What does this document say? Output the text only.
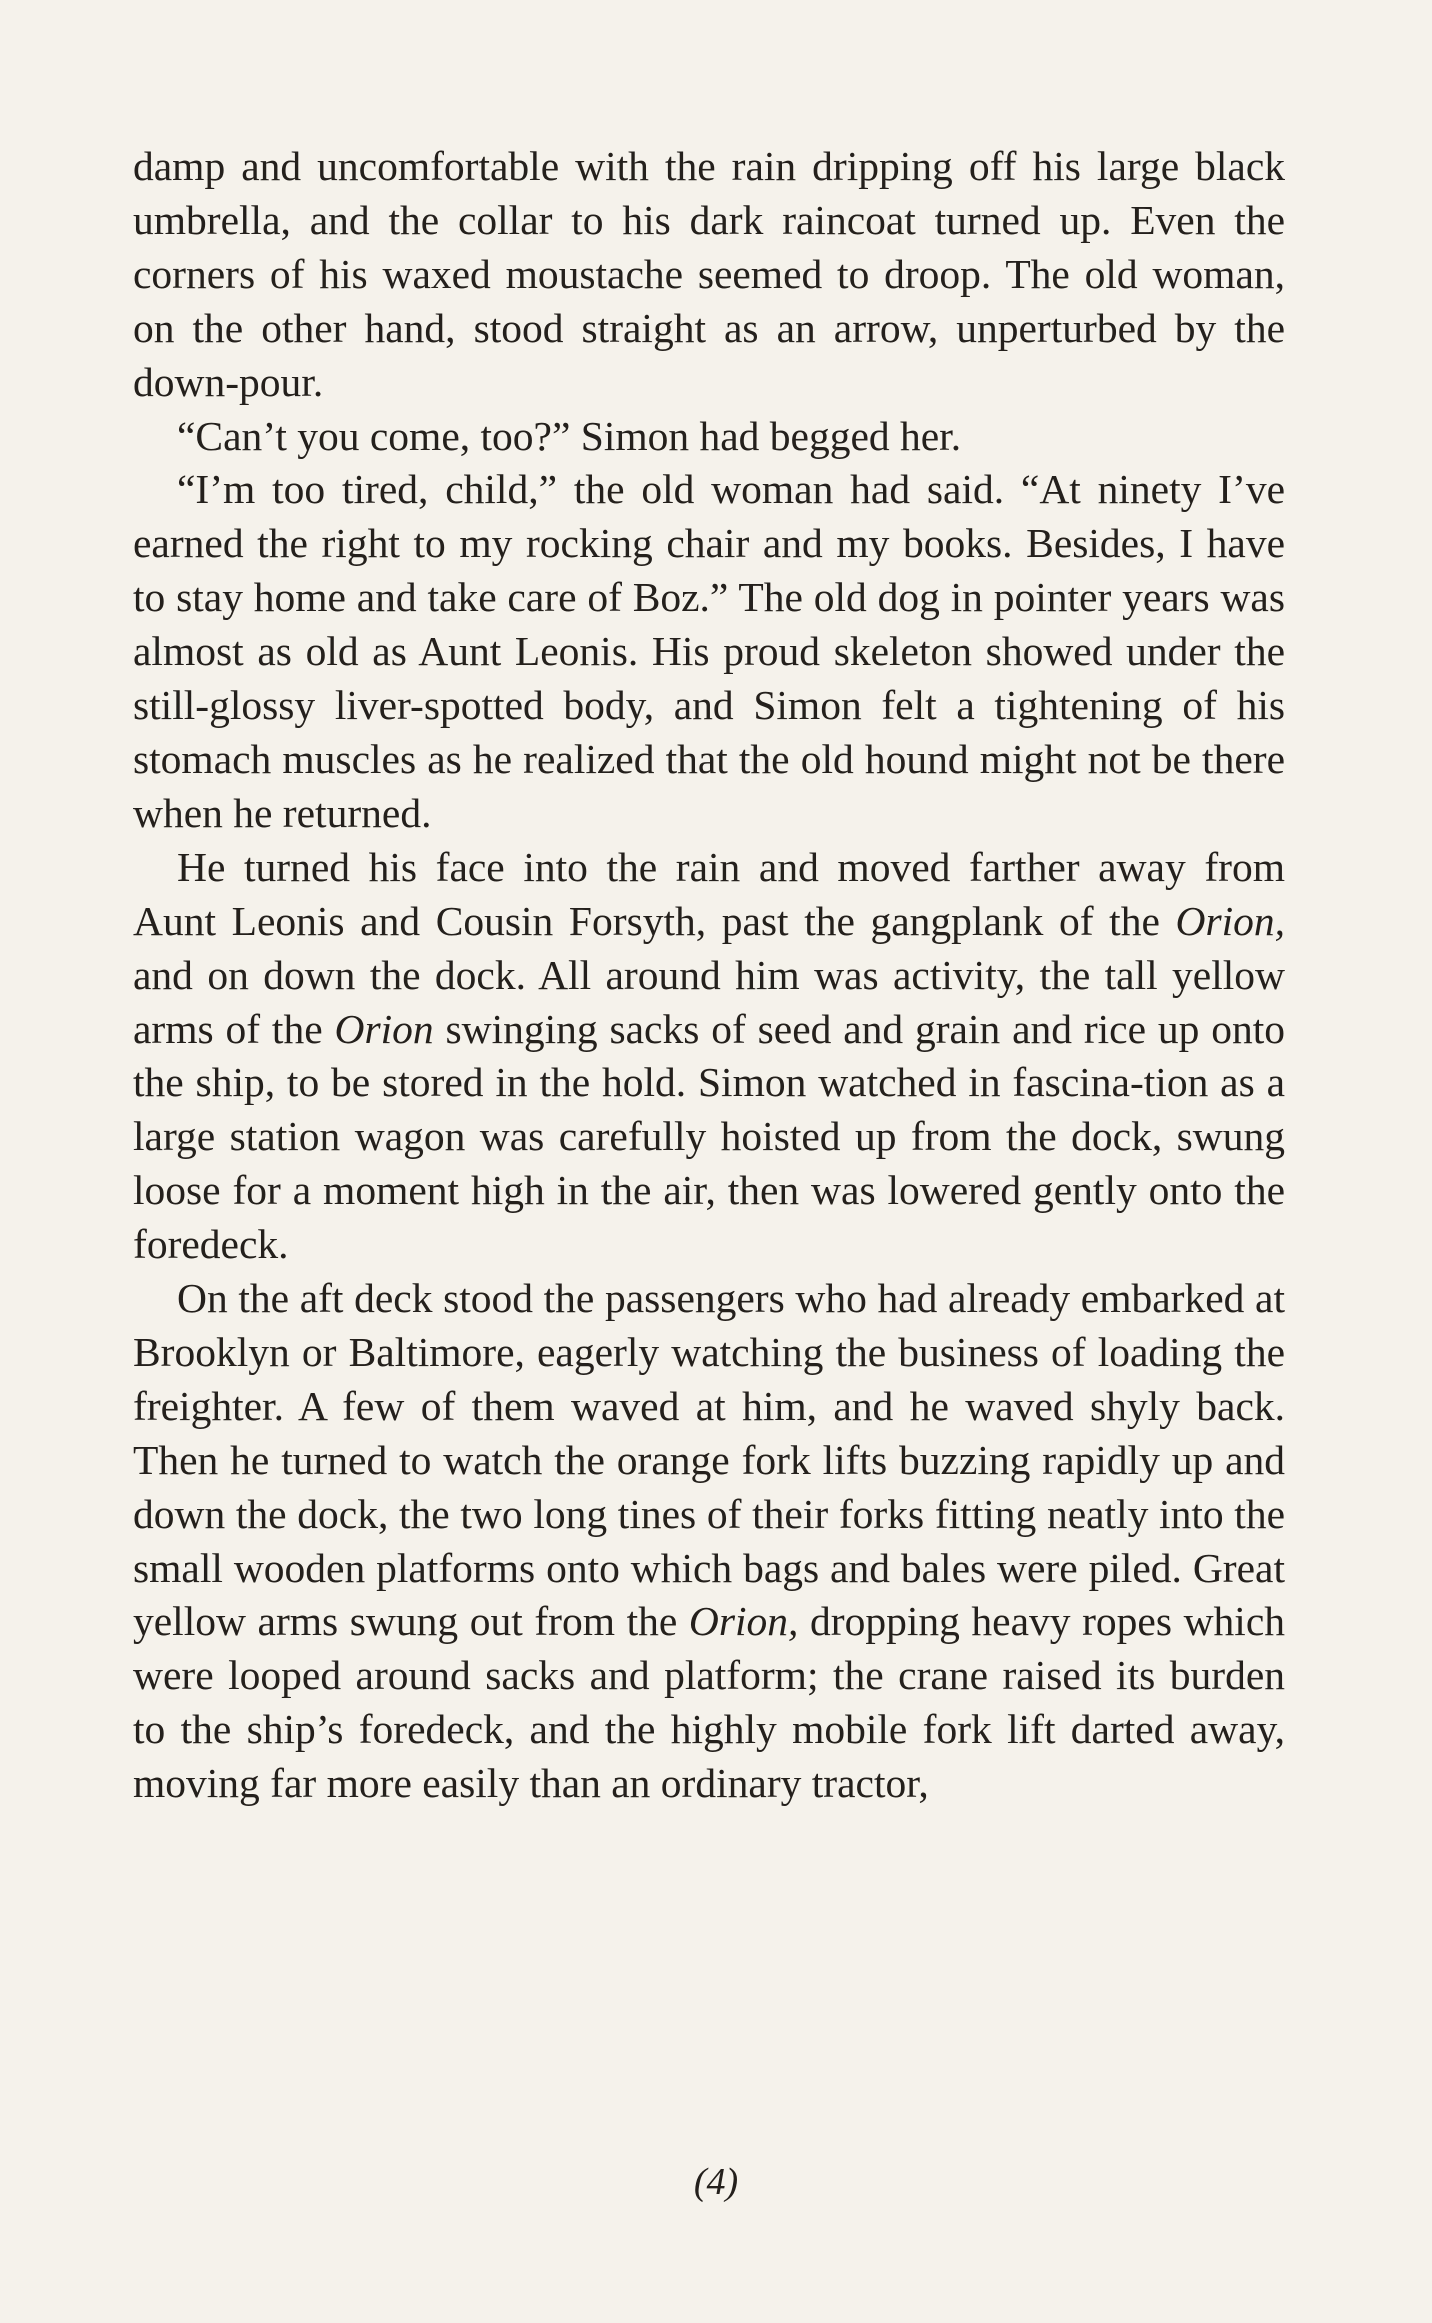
damp and uncomfortable with the rain dripping off his large black umbrella, and the collar to his dark raincoat turned up. Even the corners of his waxed moustache seemed to droop. The old woman, on the other hand, stood straight as an arrow, unperturbed by the down-pour.

“Can’t you come, too?” Simon had begged her.

“I’m too tired, child,” the old woman had said. “At ninety I’ve earned the right to my rocking chair and my books. Besides, I have to stay home and take care of Boz.” The old dog in pointer years was almost as old as Aunt Leonis. His proud skeleton showed under the still-glossy liver-spotted body, and Simon felt a tightening of his stomach muscles as he realized that the old hound might not be there when he returned.

He turned his face into the rain and moved farther away from Aunt Leonis and Cousin Forsyth, past the gangplank of the Orion, and on down the dock. All around him was activity, the tall yellow arms of the Orion swinging sacks of seed and grain and rice up onto the ship, to be stored in the hold. Simon watched in fascina-tion as a large station wagon was carefully hoisted up from the dock, swung loose for a moment high in the air, then was lowered gently onto the foredeck.

On the aft deck stood the passengers who had already embarked at Brooklyn or Baltimore, eagerly watching the business of loading the freighter. A few of them waved at him, and he waved shyly back. Then he turned to watch the orange fork lifts buzzing rapidly up and down the dock, the two long tines of their forks fitting neatly into the small wooden platforms onto which bags and bales were piled. Great yellow arms swung out from the Orion, dropping heavy ropes which were looped around sacks and platform; the crane raised its burden to the ship’s foredeck, and the highly mobile fork lift darted away, moving far more easily than an ordinary tractor,

(4)
